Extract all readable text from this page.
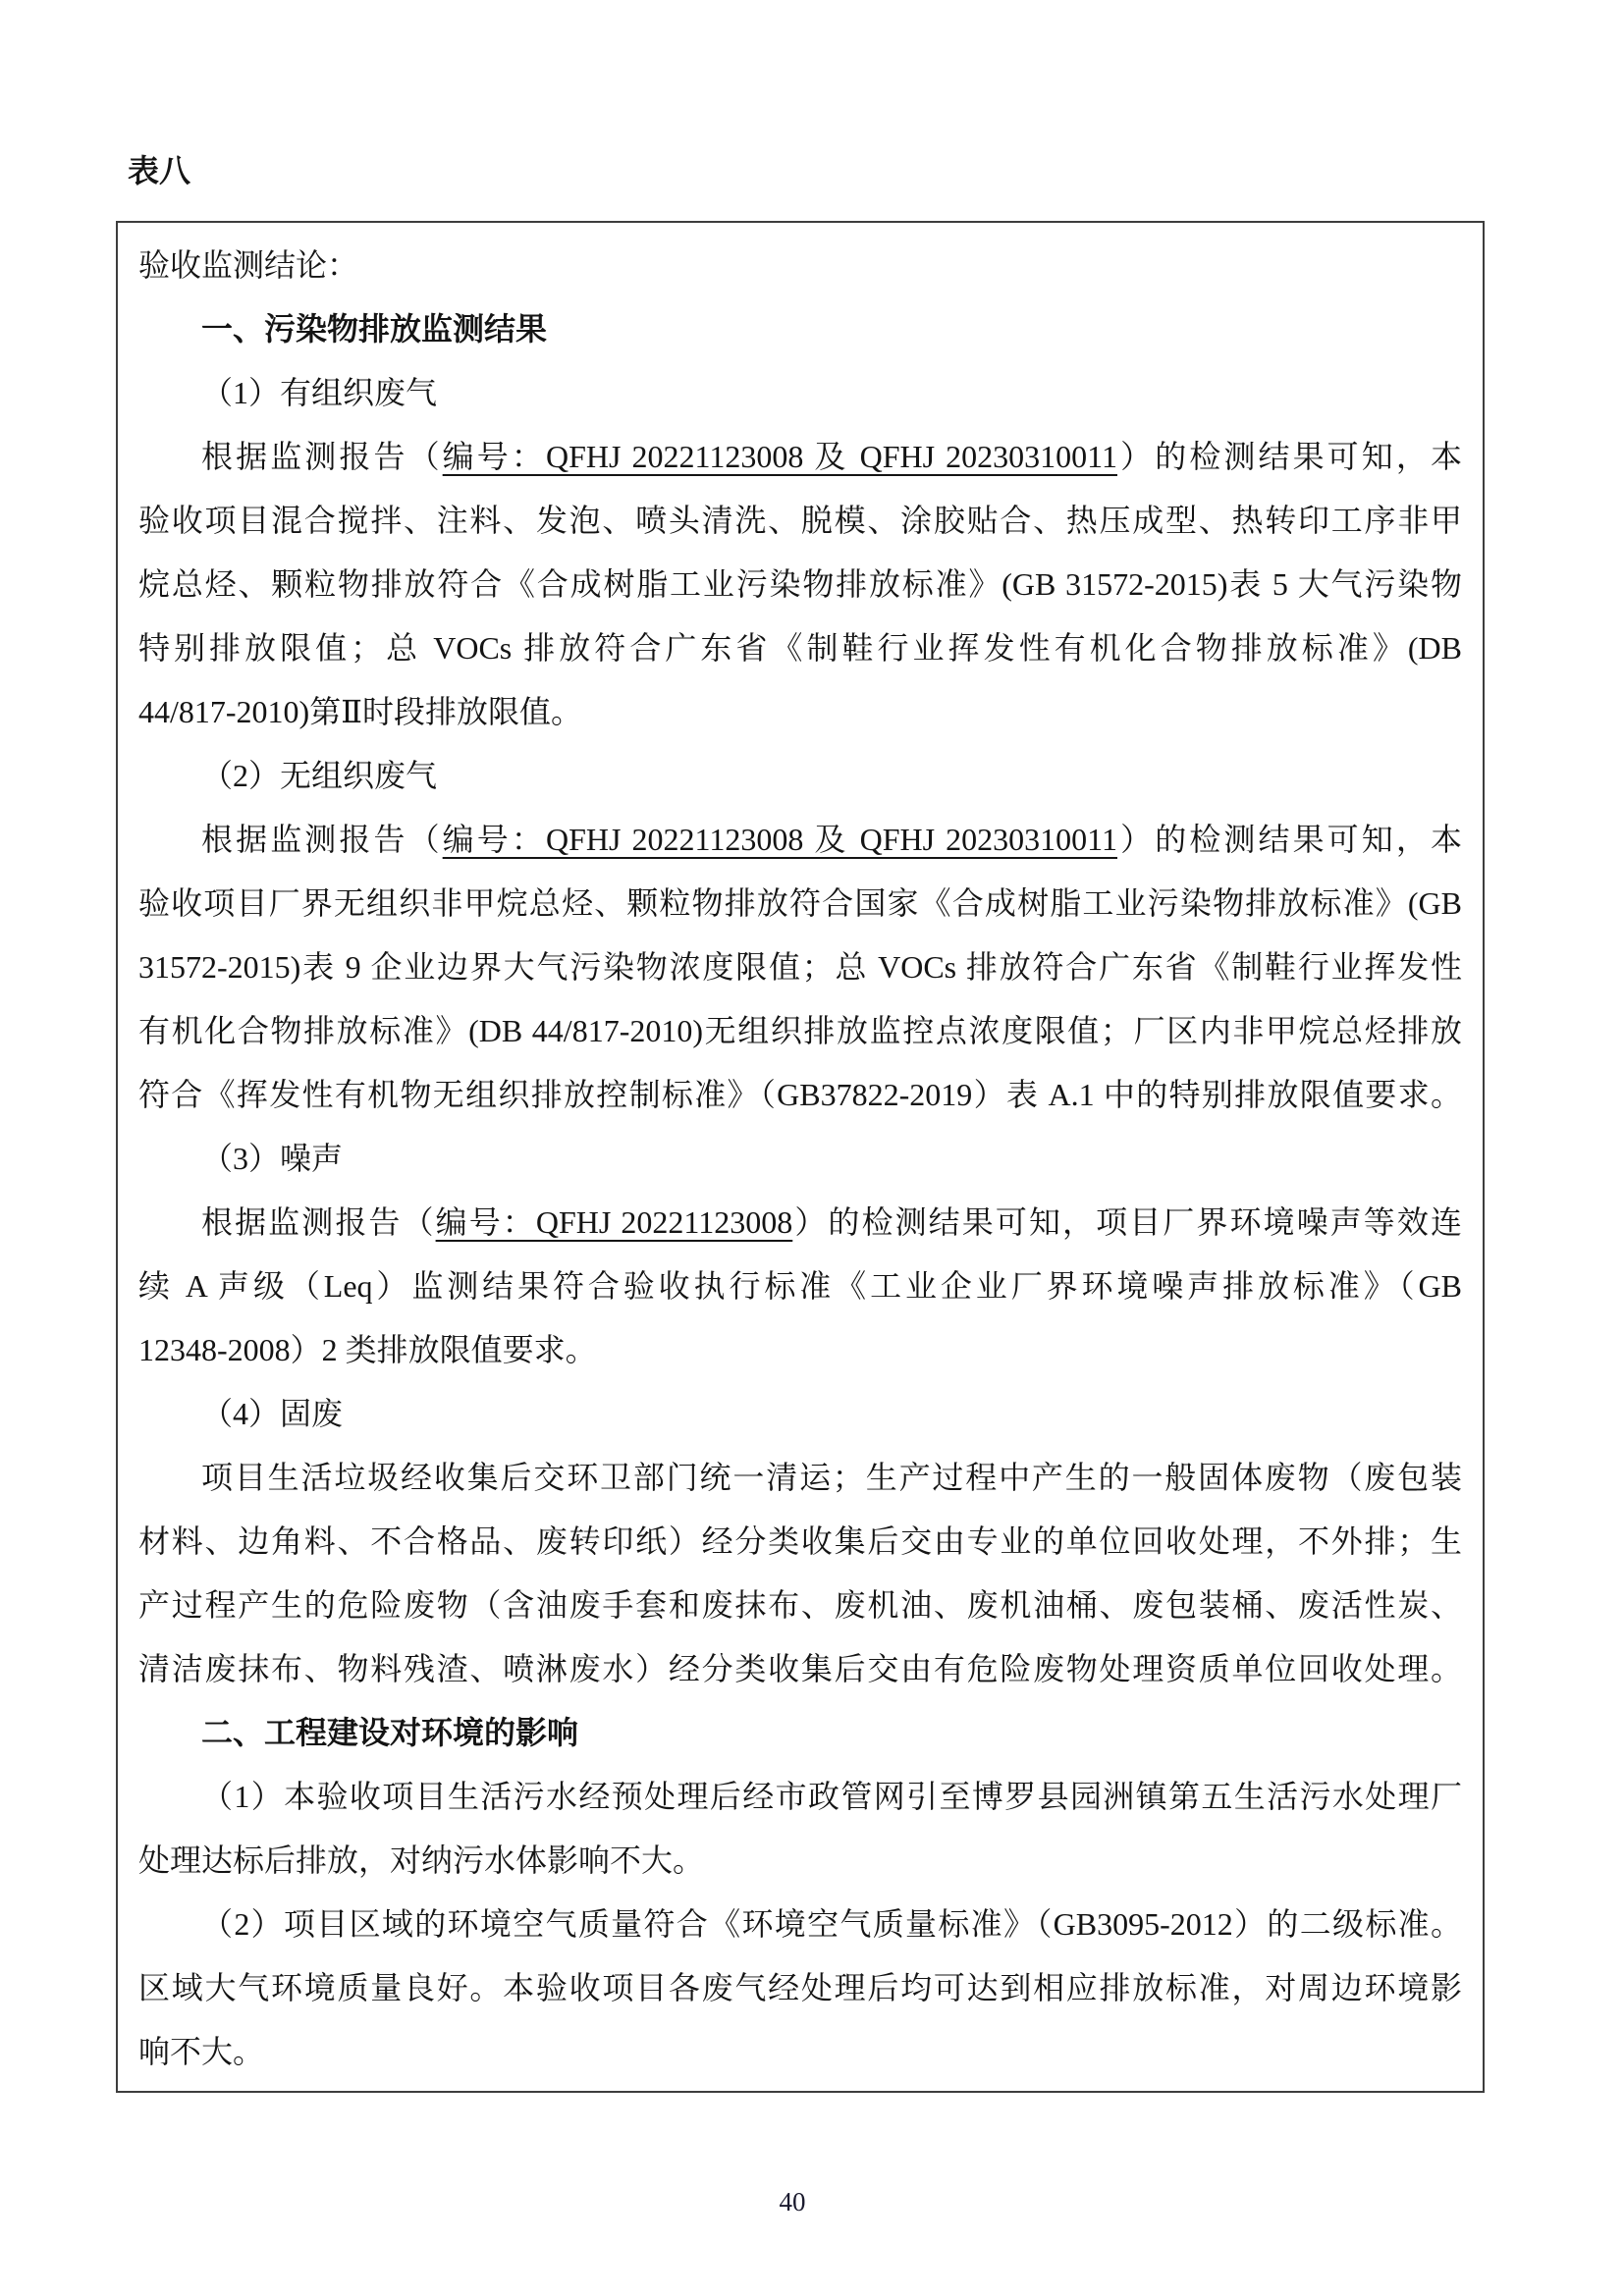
表八
验收监测结论：
一、污染物排放监测结果
（1）有组织废气
根据监测报告（编号：QFHJ 20221123008 及 QFHJ 20230310011）的检测结果可知，本
验收项目混合搅拌、注料、发泡、喷头清洗、脱模、涂胶贴合、热压成型、热转印工序非甲
烷总烃、颗粒物排放符合《合成树脂工业污染物排放标准》(GB 31572-2015)表 5 大气污染物
特别排放限值；总 VOCs 排放符合广东省《制鞋行业挥发性有机化合物排放标准》(DB
44/817-2010)第Ⅱ时段排放限值。
（2）无组织废气
根据监测报告（编号：QFHJ 20221123008 及 QFHJ 20230310011）的检测结果可知，本
验收项目厂界无组织非甲烷总烃、颗粒物排放符合国家《合成树脂工业污染物排放标准》(GB
31572-2015)表 9 企业边界大气污染物浓度限值；总 VOCs 排放符合广东省《制鞋行业挥发性
有机化合物排放标准》(DB 44/817-2010)无组织排放监控点浓度限值；厂区内非甲烷总烃排放
符合《挥发性有机物无组织排放控制标准》（GB37822-2019）表 A.1 中的特别排放限值要求。
（3）噪声
根据监测报告（编号：QFHJ 20221123008）的检测结果可知，项目厂界环境噪声等效连
续 A 声级（Leq）监测结果符合验收执行标准《工业企业厂界环境噪声排放标准》（GB
12348-2008）2 类排放限值要求。
（4）固废
项目生活垃圾经收集后交环卫部门统一清运；生产过程中产生的一般固体废物（废包装
材料、边角料、不合格品、废转印纸）经分类收集后交由专业的单位回收处理，不外排；生
产过程产生的危险废物（含油废手套和废抹布、废机油、废机油桶、废包装桶、废活性炭、
清洁废抹布、物料残渣、喷淋废水）经分类收集后交由有危险废物处理资质单位回收处理。
二、工程建设对环境的影响
（1）本验收项目生活污水经预处理后经市政管网引至博罗县园洲镇第五生活污水处理厂
处理达标后排放，对纳污水体影响不大。
（2）项目区域的环境空气质量符合《环境空气质量标准》（GB3095-2012）的二级标准。
区域大气环境质量良好。本验收项目各废气经处理后均可达到相应排放标准，对周边环境影
响不大。
40
